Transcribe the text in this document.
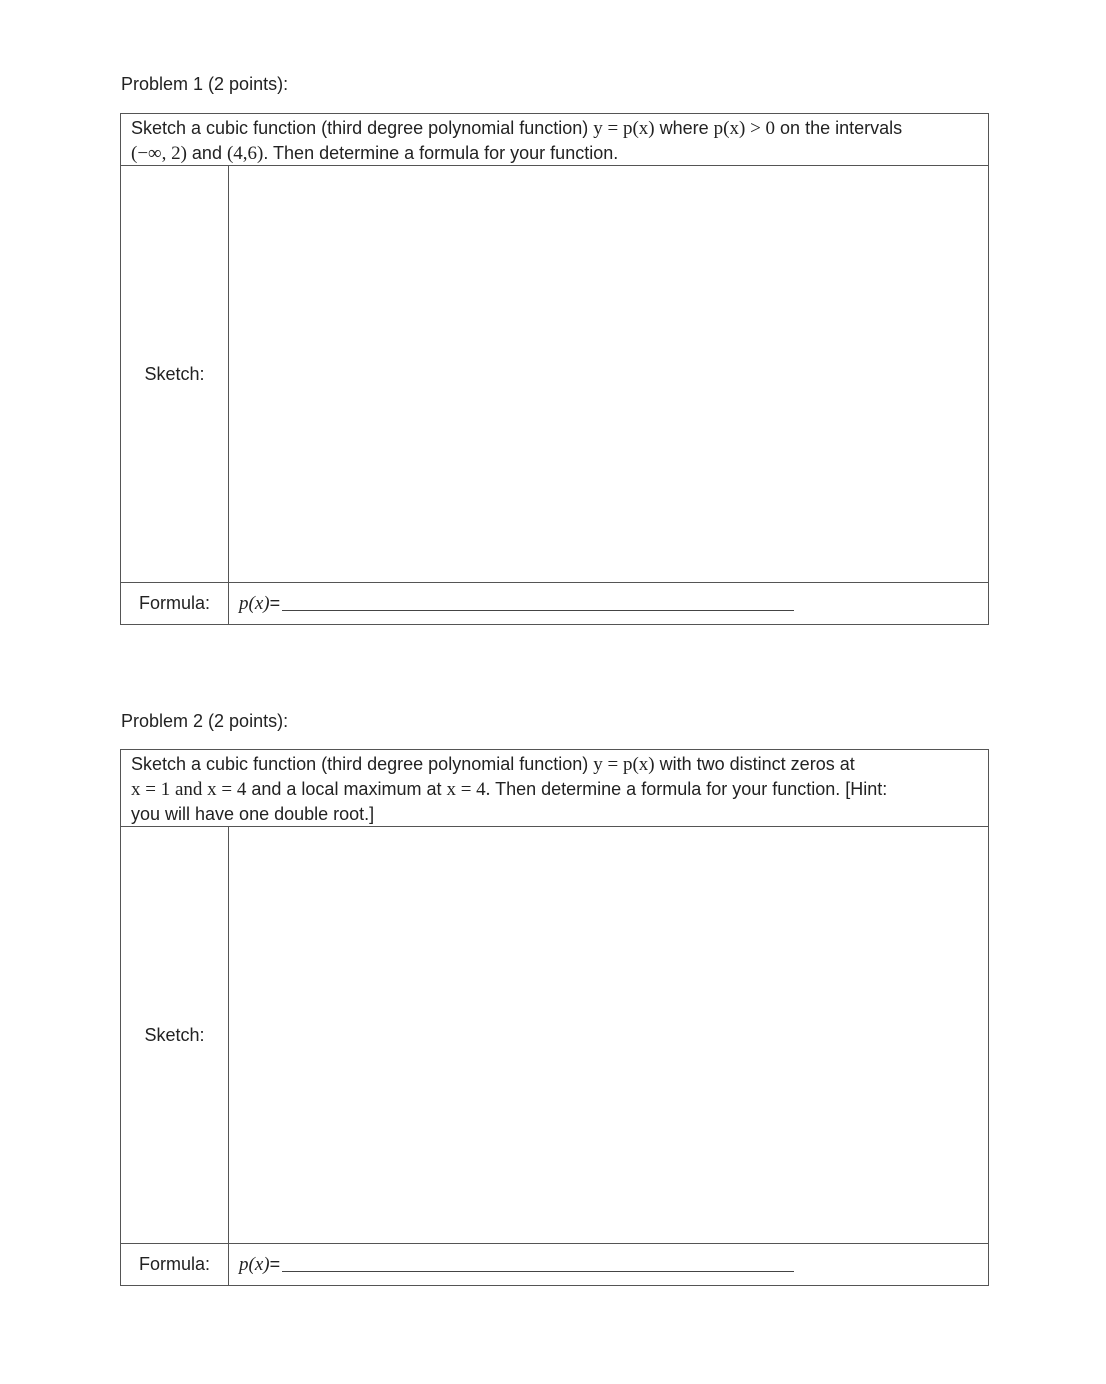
Problem 1 (2 points):
Sketch a cubic function (third degree polynomial function) y = p(x) where p(x) > 0 on the intervals
(−∞, 2) and (4,6). Then determine a formula for your function.
Sketch:
Formula:	p(x) =
Problem 2 (2 points):
Sketch a cubic function (third degree polynomial function) y = p(x) with two distinct zeros at
x = 1 and x = 4 and a local maximum at x = 4. Then determine a formula for your function. [Hint:
you will have one double root.]
Sketch:
Formula:	p(x) =
